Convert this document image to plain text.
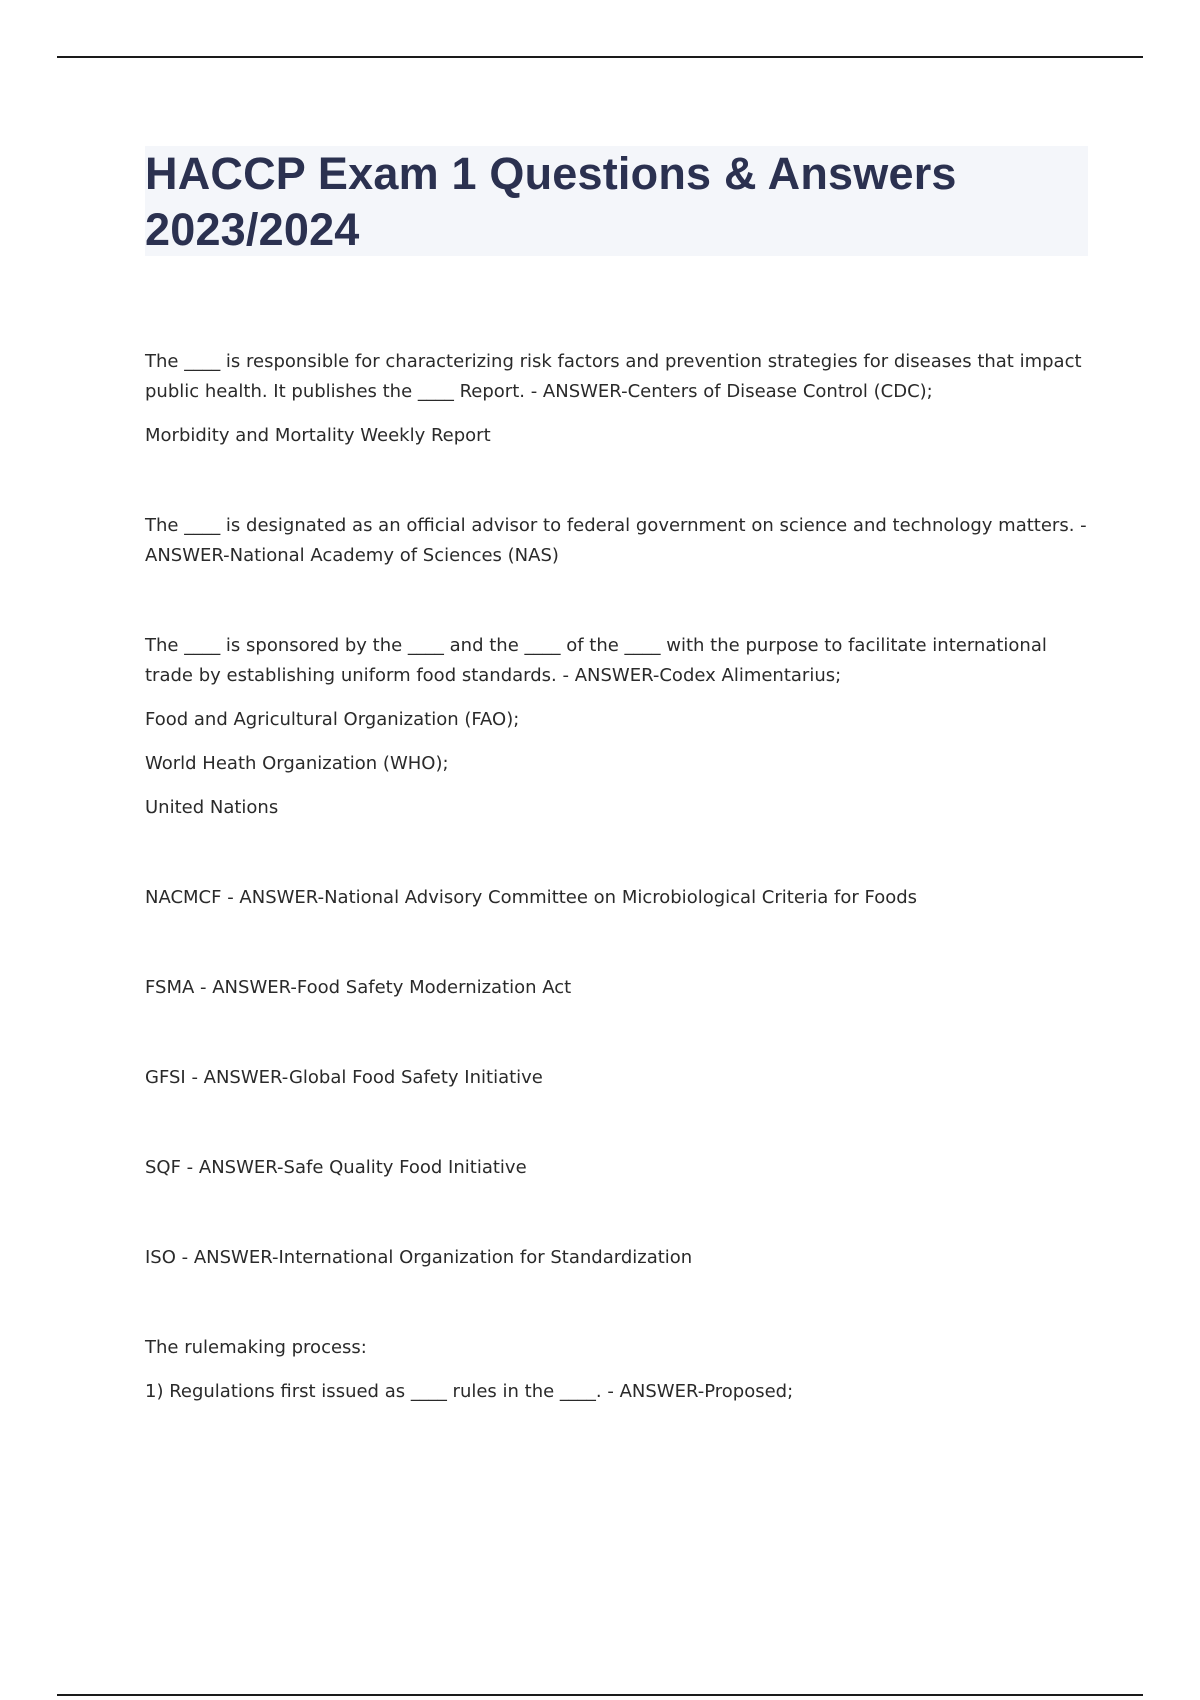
HACCP Exam 1 Questions & Answers 2023/2024

The ____ is responsible for characterizing risk factors and prevention strategies for diseases that impact public health. It publishes the ____ Report. - ANSWER-Centers of Disease Control (CDC);

Morbidity and Mortality Weekly Report

The ____ is designated as an official advisor to federal government on science and technology matters. - ANSWER-National Academy of Sciences (NAS)

The ____ is sponsored by the ____ and the ____ of the ____ with the purpose to facilitate international trade by establishing uniform food standards. - ANSWER-Codex Alimentarius;

Food and Agricultural Organization (FAO);

World Heath Organization (WHO);

United Nations

NACMCF - ANSWER-National Advisory Committee on Microbiological Criteria for Foods

FSMA - ANSWER-Food Safety Modernization Act

GFSI - ANSWER-Global Food Safety Initiative

SQF - ANSWER-Safe Quality Food Initiative

ISO - ANSWER-International Organization for Standardization

The rulemaking process:

1) Regulations first issued as ____ rules in the ____. - ANSWER-Proposed;
